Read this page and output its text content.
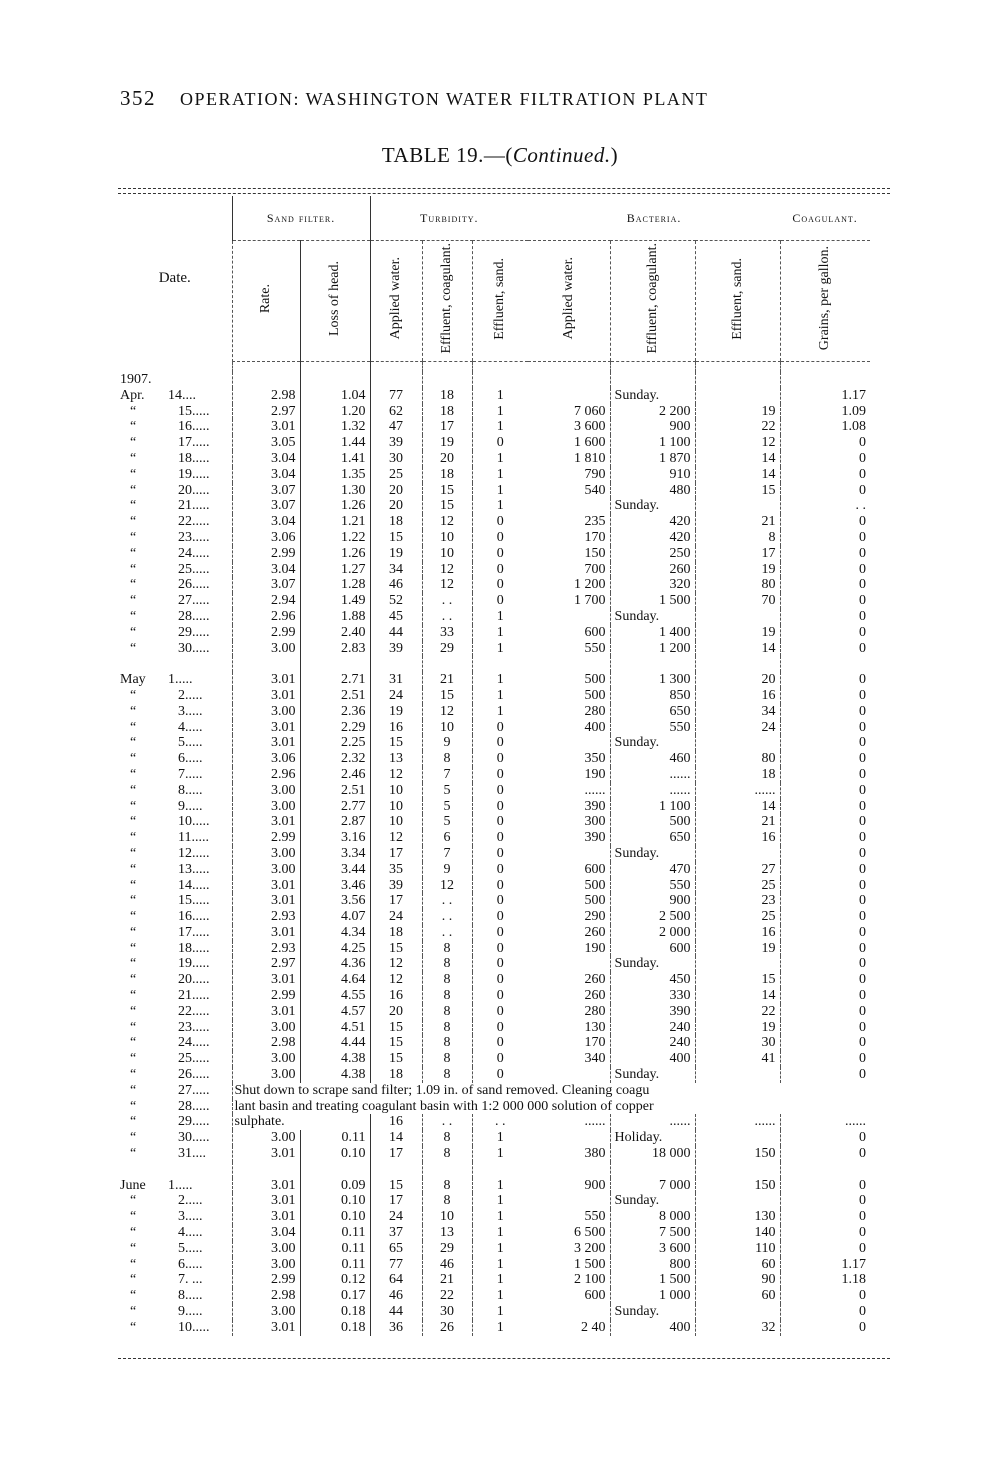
352 OPERATION: WASHINGTON WATER FILTRATION PLANT
TABLE 19.—(Continued.)
Date.	Sand filter.		Turbidity.			Bacteria.			Coagulant.
	Rate.	Loss of head.	Applied water.	Effluent, coagulant.	Effluent, sand.	Applied water.	Effluent, coagulant.	Effluent, sand.	Grains, per gallon.

1907.									
Apr. 14....	2.98	1.04	77	18	1		Sunday.		1.17
“ 15.....	2.97	1.20	62	18	1	7 060	2 200	19	1.09
“ 16.....	3.01	1.32	47	17	1	3 600	900	22	1.08
“ 17.....	3.05	1.44	39	19	0	1 600	1 100	12	0
“ 18.....	3.04	1.41	30	20	1	1 810	1 870	14	0
“ 19.....	3.04	1.35	25	18	1	790	910	14	0
“ 20.....	3.07	1.30	20	15	1	540	480	15	0
“ 21.....	3.07	1.26	20	15	1		Sunday.		. .
“ 22.....	3.04	1.21	18	12	0	235	420	21	0
“ 23.....	3.06	1.22	15	10	0	170	420	8	0
“ 24.....	2.99	1.26	19	10	0	150	250	17	0
“ 25.....	3.04	1.27	34	12	0	700	260	19	0
“ 26.....	3.07	1.28	46	12	0	1 200	320	80	0
“ 27.....	2.94	1.49	52	. .	0	1 700	1 500	70	0
“ 28.....	2.96	1.88	45	. .	1		Sunday.		0
“ 29.....	2.99	2.40	44	33	1	600	1 400	19	0
“ 30.....	3.00	2.83	39	29	1	550	1 200	14	0

May 1.....	3.01	2.71	31	21	1	500	1 300	20	0
“ 2.....	3.01	2.51	24	15	1	500	850	16	0
“ 3.....	3.00	2.36	19	12	1	280	650	34	0
“ 4.....	3.01	2.29	16	10	0	400	550	24	0
“ 5.....	3.01	2.25	15	9	0		Sunday.		0
“ 6.....	3.06	2.32	13	8	0	350	460	80	0
“ 7.....	2.96	2.46	12	7	0	190	......	18	0
“ 8.....	3.00	2.51	10	5	0	......	......	......	0
“ 9.....	3.00	2.77	10	5	0	390	1 100	14	0
“ 10.....	3.01	2.87	10	5	0	300	500	21	0
“ 11.....	2.99	3.16	12	6	0	390	650	16	0
“ 12.....	3.00	3.34	17	7	0		Sunday.		0
“ 13.....	3.00	3.44	35	9	0	600	470	27	0
“ 14.....	3.01	3.46	39	12	0	500	550	25	0
“ 15.....	3.01	3.56	17	. .	0	500	900	23	0
“ 16.....	2.93	4.07	24	. .	0	290	2 500	25	0
“ 17.....	3.01	4.34	18	. .	0	260	2 000	16	0
“ 18.....	2.93	4.25	15	8	0	190	600	19	0
“ 19.....	2.97	4.36	12	8	0		Sunday.		0
“ 20.....	3.01	4.64	12	8	0	260	450	15	0
“ 21.....	2.99	4.55	16	8	0	260	330	14	0
“ 22.....	3.01	4.57	20	8	0	280	390	22	0
“ 23.....	3.00	4.51	15	8	0	130	240	19	0
“ 24.....	2.98	4.44	15	8	0	170	240	30	0
“ 25.....	3.00	4.38	15	8	0	340	400	41	0
“ 26.....	3.00	4.38	18	8	0		Sunday.		0
“ 27.....	Shut down to scrape sand filter; 1.09 in. of sand removed. Cleaning coagu								
“ 28.....	lant basin and treating coagulant basin with 1:2 000 000 solution of copper								
“ 29.....	sulphate.		16	. .	. .	......	......	......	......
“ 30.....	3.00	0.11	14	8	1		Holiday.		0
“ 31....	3.01	0.10	17	8	1	380	18 000	150	0

June 1.....	3.01	0.09	15	8	1	900	7 000	150	0
“ 2.....	3.01	0.10	17	8	1		Sunday.		0
“ 3.....	3.01	0.10	24	10	1	550	8 000	130	0
“ 4.....	3.04	0.11	37	13	1	6 500	7 500	140	0
“ 5.....	3.00	0.11	65	29	1	3 200	3 600	110	0
“ 6.....	3.00	0.11	77	46	1	1 500	800	60	1.17
“ 7. ...	2.99	0.12	64	21	1	2 100	1 500	90	1.18
“ 8.....	2.98	0.17	46	22	1	600	1 000	60	0
“ 9.....	3.00	0.18	44	30	1		Sunday.		0
“ 10.....	3.01	0.18	36	26	1	2 40	400	32	0
